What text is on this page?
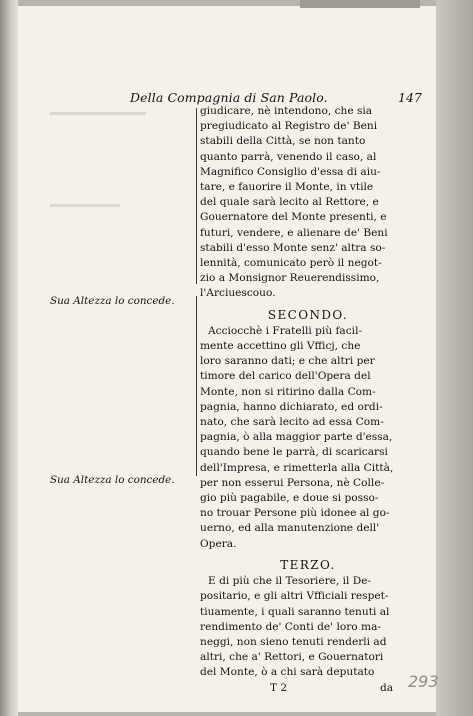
Della Compagnia di San Paolo.	147
Sua Altezza lo concede.
Sua Altezza lo concede.

giudicare, nè intendono, che sia

pregiudicato al Registro de' Beni

stabili della Città, se non tanto

quanto parrà, venendo il caso, al

Magnifico Consiglio d'essa di aiu-

tare, e fauorire il Monte, in vtile

del quale sarà lecito al Rettore, e

Gouernatore del Monte presenti, e

futuri, vendere, e alienare de' Beni

stabili d'esso Monte senz' altra so-

lennità, comunicato però il negot-

zio a Monsignor Reuerendissimo,

l'Arciuescouo.

SECONDO.

Acciocchè i Fratelli più facil-

mente accettino gli Vfficj, che

loro saranno dati; e che altri per

timore del carico dell'Opera del

Monte, non si ritirino dalla Com-

pagnia, hanno dichiarato, ed ordi-

nato, che sarà lecito ad essa Com-

pagnia, ò alla maggior parte d'essa,

quando bene le parrà, di scaricarsi

dell'Impresa, e rimetterla alla Città,

per non esserui Persona, nè Colle-

gio più pagabile, e doue si posso-

no trouar Persone più idonee al go-

uerno, ed alla manutenzione dell'

Opera.

TERZO.

E di più che il Tesoriere, il De-

positario, e gli altri Vfficiali respet-

tiuamente, i quali saranno tenuti al

rendimento de' Conti de' loro ma-

neggi, non sieno tenuti renderli ad

altri, che a' Rettori, e Gouernatori

del Monte, ò a chi sarà deputato

T 2	da 293
